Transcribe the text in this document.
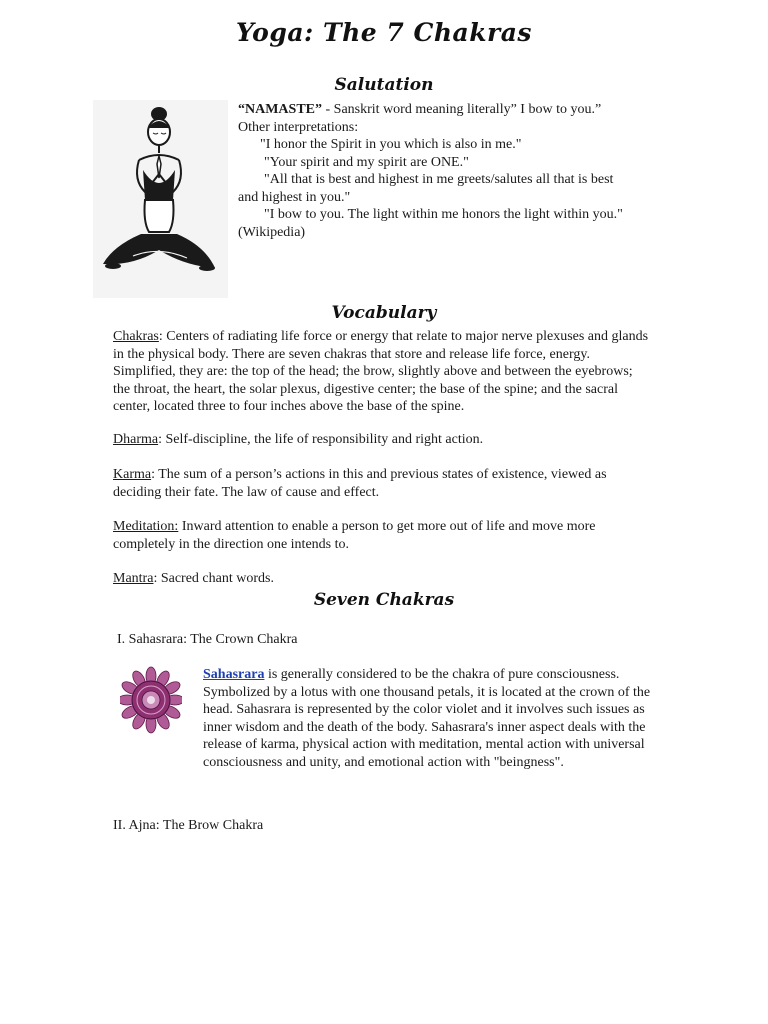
Yoga: The 7 Chakras
Salutation
“NAMASTE” - Sanskrit word meaning literally” I bow to you.”
Other interpretations:
"I honor the Spirit in you which is also in me."
"Your spirit and my spirit are ONE."
"All that is best and highest in me greets/salutes all that is best
and highest in you."
"I bow to you. The light within me honors the light within you."
(Wikipedia)
Vocabulary
Chakras: Centers of radiating life force or energy that relate to major nerve plexuses and glands in the physical body. There are seven chakras that store and release life force, energy. Simplified, they are: the top of the head; the brow, slightly above and between the eyebrows; the throat, the heart, the solar plexus, digestive center; the base of the spine; and the sacral center, located three to four inches above the base of the spine.
Dharma: Self-discipline, the life of responsibility and right action.
Karma: The sum of a person’s actions in this and previous states of existence, viewed as deciding their fate. The law of cause and effect.
Meditation: Inward attention to enable a person to get more out of life and move more completely in the direction one intends to.
Mantra: Sacred chant words.
Seven Chakras
I. Sahasrara: The Crown Chakra
Sahasrara is generally considered to be the chakra of pure consciousness. Symbolized by a lotus with one thousand petals, it is located at the crown of the head. Sahasrara is represented by the color violet and it involves such issues as inner wisdom and the death of the body. Sahasrara's inner aspect deals with the release of karma, physical action with meditation, mental action with universal consciousness and unity, and emotional action with "beingness".
II. Ajna: The Brow Chakra
